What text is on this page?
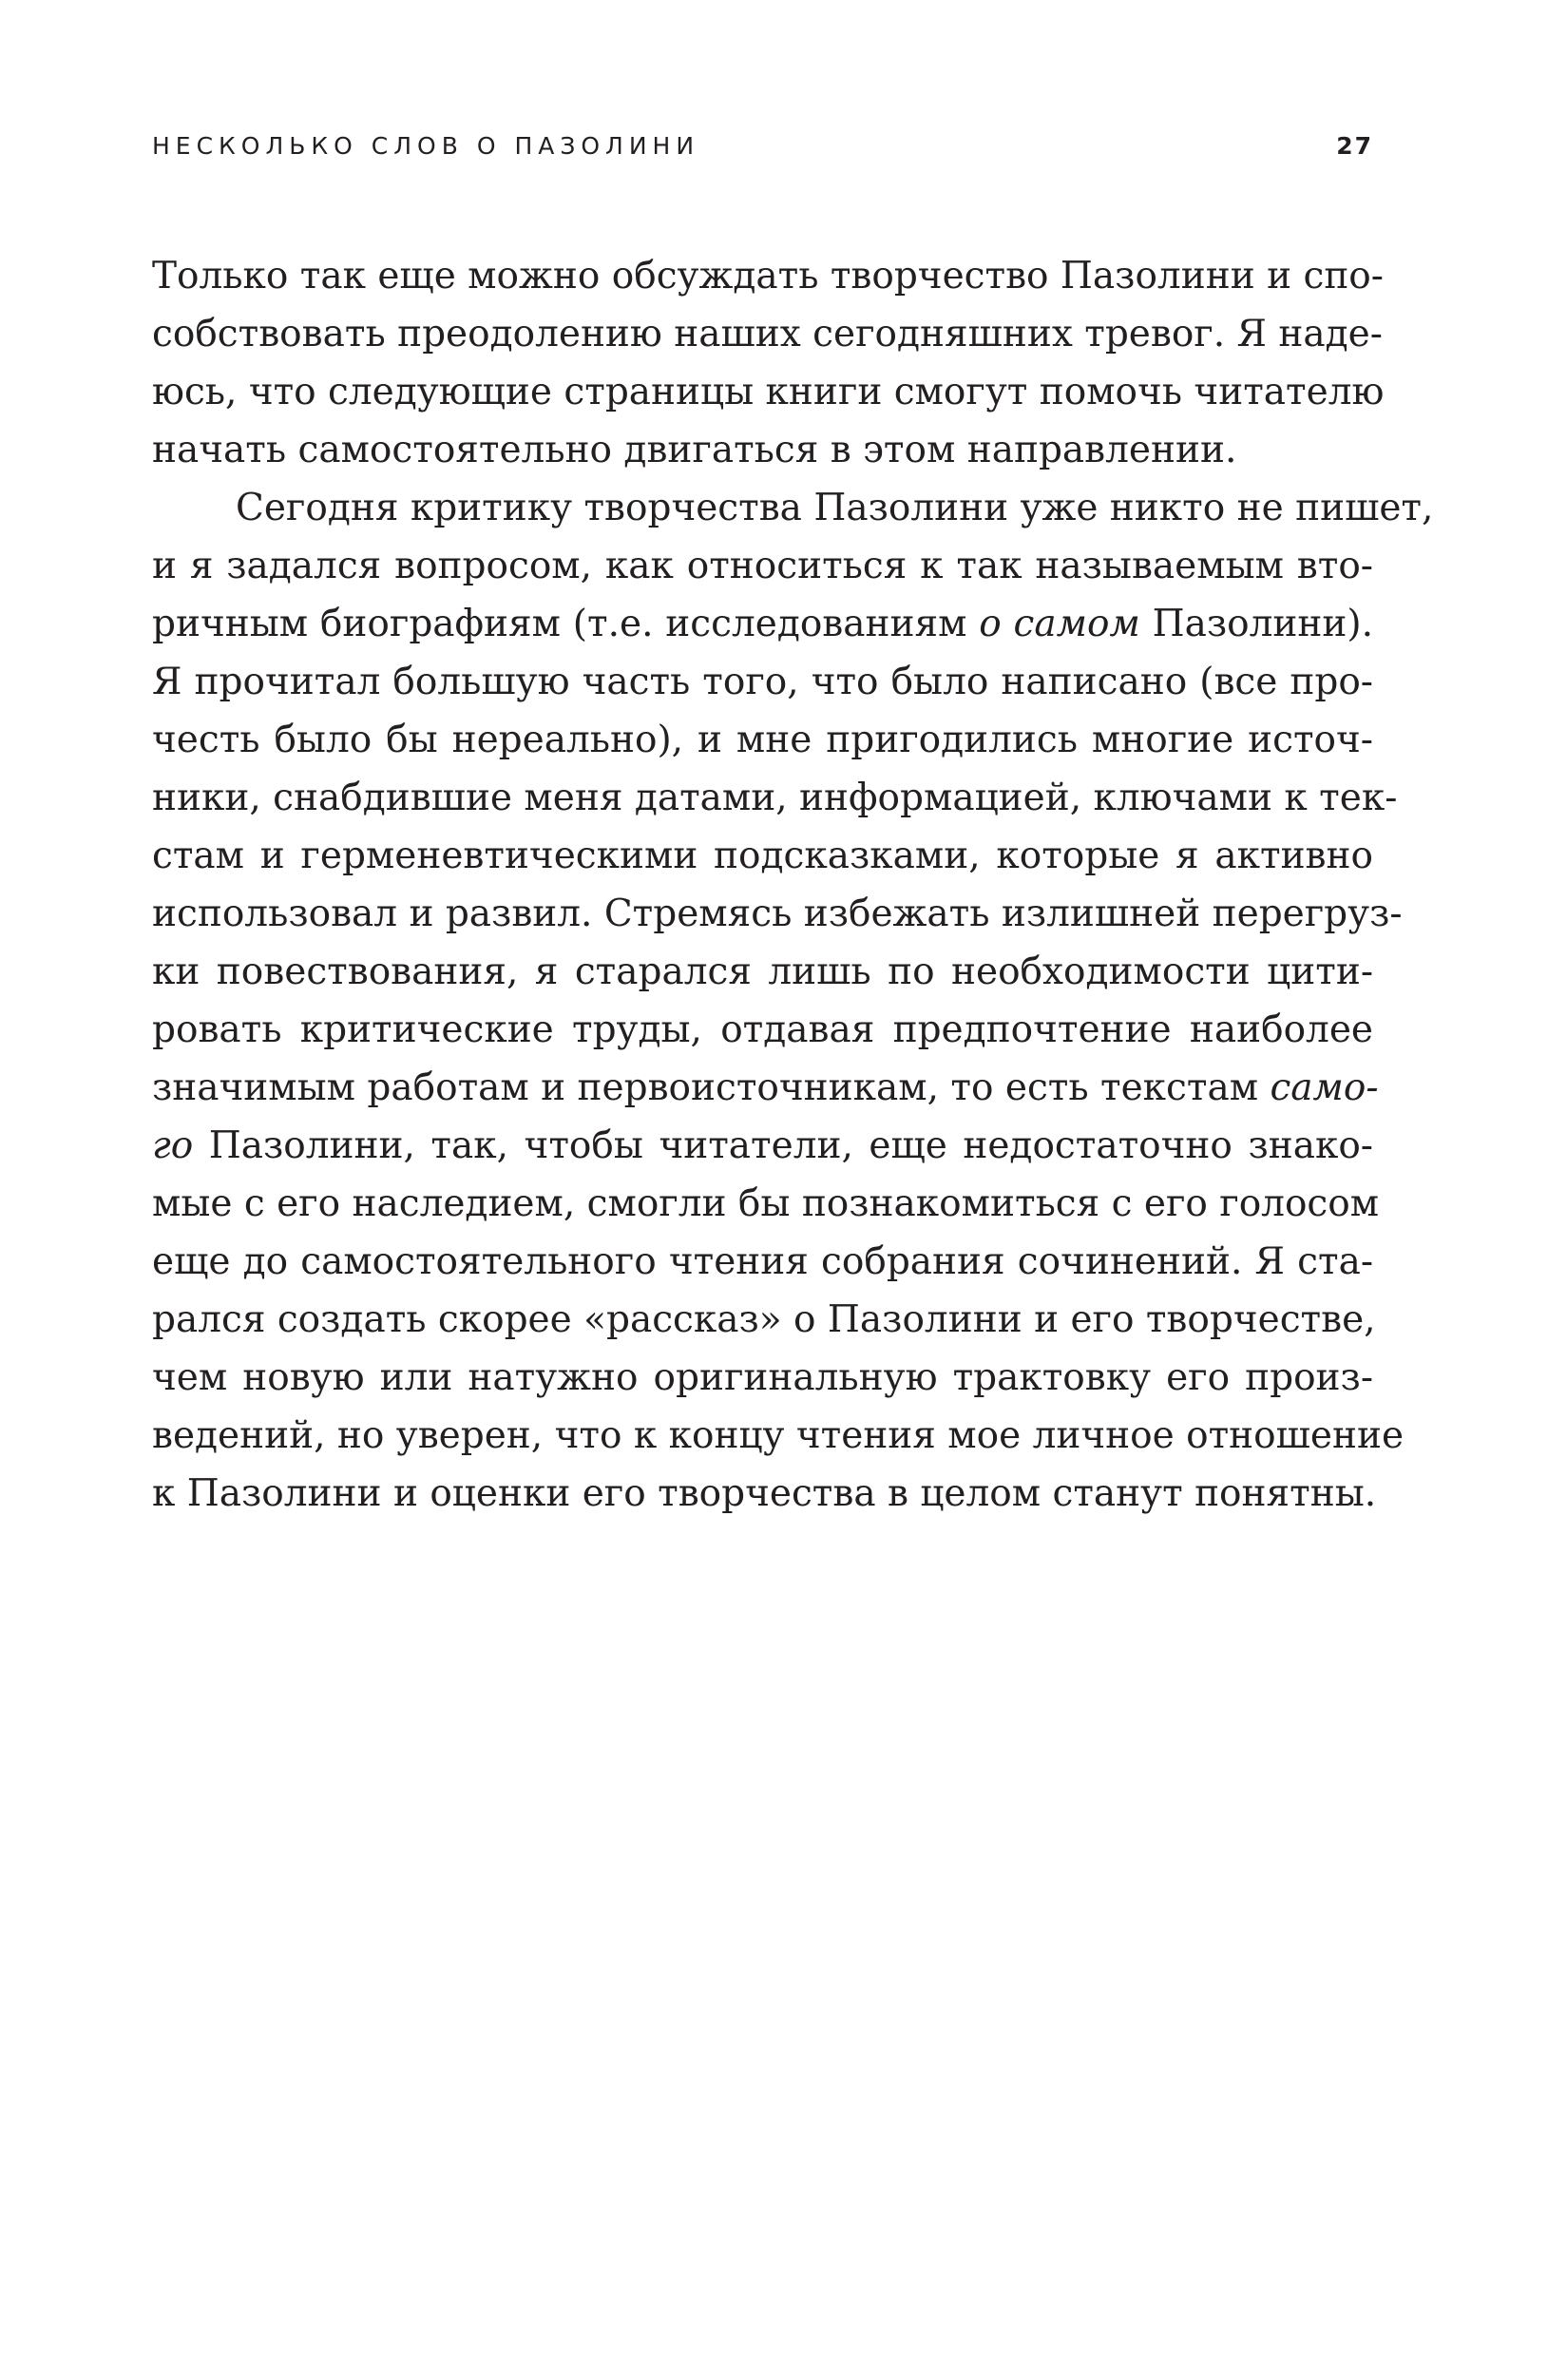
НЕСКОЛЬКО СЛОВ О ПАЗОЛИНИ	27
Только так еще можно обсуждать творчество Пазолини и спо-
собствовать преодолению наших сегодняшних тревог. Я наде-
юсь, что следующие страницы книги смогут помочь читателю
начать самостоятельно двигаться в этом направлении.
Сегодня критику творчества Пазолини уже никто не пишет,
и я задался вопросом, как относиться к так называемым вто-
ричным биографиям (т.е. исследованиям о самом Пазолини).
Я прочитал большую часть того, что было написано (все про-
честь было бы нереально), и мне пригодились многие источ-
ники, снабдившие меня датами, информацией, ключами к тек-
стам и герменевтическими подсказками, которые я активно
использовал и развил. Стремясь избежать излишней перегруз-
ки повествования, я старался лишь по необходимости цити-
ровать критические труды, отдавая предпочтение наиболее
значимым работам и первоисточникам, то есть текстам само-
го Пазолини, так, чтобы читатели, еще недостаточно знако-
мые с его наследием, смогли бы познакомиться с его голосом
еще до самостоятельного чтения собрания сочинений. Я ста-
рался создать скорее «рассказ» о Пазолини и его творчестве,
чем новую или натужно оригинальную трактовку его произ-
ведений, но уверен, что к концу чтения мое личное отношение
к Пазолини и оценки его творчества в целом станут понятны.
